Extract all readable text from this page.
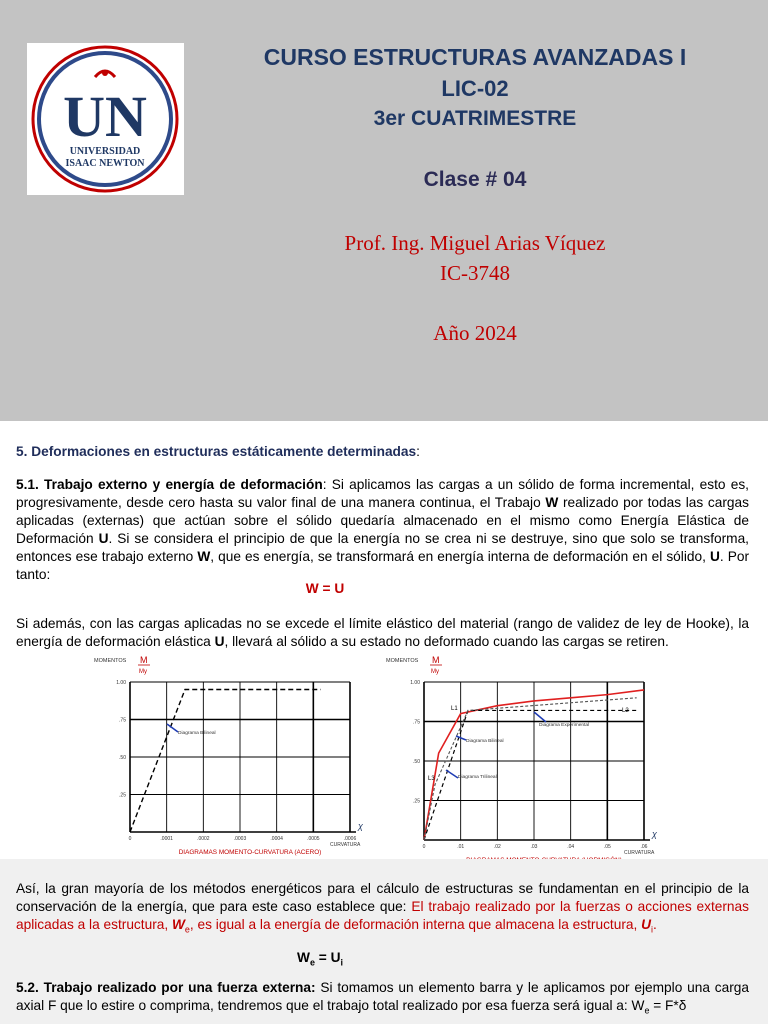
UN
UNIVERSIDAD
ISAAC NEWTON
CURSO ESTRUCTURAS AVANZADAS I
LIC-02
3er CUATRIMESTRE
Clase # 04
Prof. Ing. Miguel Arias Víquez
IC-3748
Año 2024
5. Deformaciones en estructuras estáticamente determinadas:
5.1. Trabajo externo y energía de deformación: Si aplicamos las cargas a un sólido de forma incremental, esto es, progresivamente, desde cero hasta su valor final de una manera continua, el Trabajo W realizado por todas las cargas aplicadas (externas) que actúan sobre el sólido quedaría almacenado en el mismo como Energía Elástica de Deformación U. Si se considera el principio de que la energía no se crea ni se destruye, sino que solo se transforma, entonces ese trabajo externo W, que es energía, se transformará en energía interna de deformación en el sólido, U. Por tanto:
W = U
Si además, con las cargas aplicadas no se excede el límite elástico del material (rango de validez de ley de Hooke), la energía de deformación elástica U, llevará al sólido a su estado no deformado cuando las cargas se retiren.
MOMENTOS M
My
1.00
.75
.50
.25
0	.0001	.0002	.0003	.0004	.0005	.0006
χ
CURVATURA
DIAGRAMAS MOMENTO-CURVATURA (ACERO)
Diagrama Bilineal
MOMENTOS M
My
1.00
.75
.50
.25
0	.01	.02	.03	.04	.05	.06
χ
CURVATURA
L1	L2
L3
Diagrama Experimental
Diagrama Bilineal
Diagrama Trilineal
Así, la gran mayoría de los métodos energéticos para el cálculo de estructuras se fundamentan en el principio de la conservación de la energía, que para este caso establece que: El trabajo realizado por la fuerzas o acciones externas aplicadas a la estructura, $W_e$, es igual a la energía de deformación interna que almacena la estructura, $U_i$.
$W_e = U_i$
5.2. Trabajo realizado por una fuerza externa: Si tomamos un elemento barra y le aplicamos por ejemplo una carga axial F que lo estire o comprima, tendremos que el trabajo total realizado por esa fuerza será igual a: $W_e = F*\delta$
